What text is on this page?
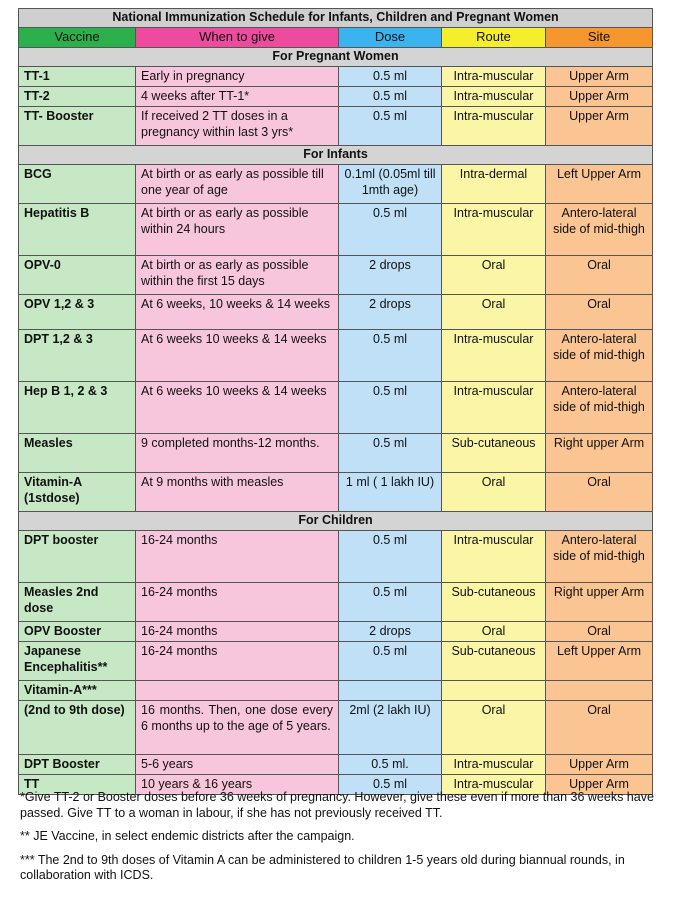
National Immunization Schedule for Infants, Children and Pregnant Women				
Vaccine	When to give	Dose	Route	Site
For Pregnant Women				
TT-1	Early in pregnancy	0.5 ml	Intra-muscular	Upper Arm
TT-2	4 weeks after TT-1*	0.5 ml	Intra-muscular	Upper Arm
TT- Booster	If received 2 TT doses in a pregnancy within last 3 yrs*	0.5 ml	Intra-muscular	Upper Arm
For Infants				
BCG	At birth or as early as possible till one year of age	0.1ml (0.05ml till 1mth age)	Intra-dermal	Left Upper Arm
Hepatitis B	At birth or as early as possible within 24 hours	0.5 ml	Intra-muscular	Antero-lateral side of mid-thigh
OPV-0	At birth or as early as possible within the first 15 days	2 drops	Oral	Oral
OPV 1,2 & 3	At 6 weeks, 10 weeks & 14 weeks	2 drops	Oral	Oral
DPT 1,2 & 3	At 6 weeks 10 weeks & 14 weeks	0.5 ml	Intra-muscular	Antero-lateral side of mid-thigh
Hep B 1, 2 & 3	At 6 weeks 10 weeks & 14 weeks	0.5 ml	Intra-muscular	Antero-lateral side of mid-thigh
Measles	9 completed months-12 months.	0.5 ml	Sub-cutaneous	Right upper Arm
Vitamin-A (1stdose)	At 9 months with measles	1 ml ( 1 lakh IU)	Oral	Oral
For Children				
DPT booster	16-24 months	0.5 ml	Intra-muscular	Antero-lateral side of mid-thigh
Measles 2nd dose	16-24 months	0.5 ml	Sub-cutaneous	Right upper Arm
OPV Booster	16-24 months	2 drops	Oral	Oral
Japanese Encephalitis**	16-24 months	0.5 ml	Sub-cutaneous	Left Upper Arm
Vitamin-A***				
(2nd to 9th dose)	16 months. Then, one dose every 6 months up to the age of 5 years.	2ml (2 lakh IU)	Oral	Oral
DPT Booster	5-6 years	0.5 ml.	Intra-muscular	Upper Arm
TT	10 years & 16 years	0.5 ml	Intra-muscular	Upper Arm

*Give TT-2 or Booster doses before 36 weeks of pregnancy. However, give these even if more than 36 weeks have passed. Give TT to a woman in labour, if she has not previously received TT.

** JE Vaccine, in select endemic districts after the campaign.

*** The 2nd to 9th doses of Vitamin A can be administered to children 1-5 years old during biannual rounds, in collaboration with ICDS.
